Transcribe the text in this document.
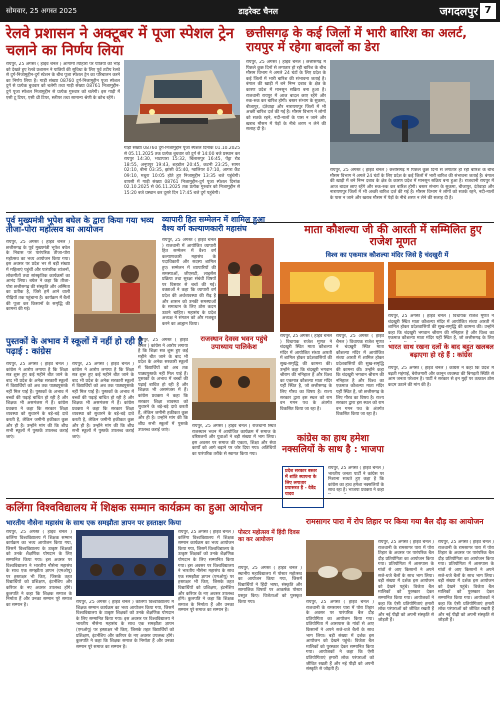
सोमवार, 25 अगस्त 2025	डाइरेक्ट चैनल	जगदलपुर 7
रेलवे प्रशासन ने अक्टूबर में पूजा स्पेशल ट्रेन चलाने का निर्णय लिया
रायपुर, 25 अगस्त ( हाईवे चैनल ) आगामी त्योहारों पर यात्रियों की भीड़ को देखते हुए रेलवे प्रशासन ने यात्रियों की सुविधा के लिए पूर्व तटीय रेलवे से दुर्ग-निजामुद्दीन-दुर्ग स्टेशन के बीच पूजा स्पेशल ट्रेन का परिचालन करने का निर्णय लिया है। गाड़ी संख्या 08760 दुर्ग-निजामुद्दीन पूजा स्पेशल दुर्ग से प्रत्येक बुधवार को चलेगी तथा गाड़ी संख्या 08761 निजामुद्दीन-दुर्ग पूजा स्पेशल निजामुद्दीन से प्रत्येक गुरुवार को चलेगी। इस गाड़ी में एसी टू टियर, एसी थ्री टियर, स्लीपर तथा सामान्य श्रेणी के कोच रहेंगे।
गाड़ी संख्या 08760 दुर्ग-निजामुद्दीन पूजा स्पेशल दिनांक 01.10.2025 से 05.11.2025 तक प्रत्येक बुधवार को दुर्ग से 14:00 बजे प्रस्थान कर रायपुर 14:30, भाटापारा 15:32, बिलासपुर 16:45, पेंड्रा रोड 18:55, अनूपपुर 19:43, शहडोल 20:45, कटनी 23:25, सागर 02:10, बीना 03:35, झांसी 05:40, ग्वालियर 07:10, आगरा कैंट 09:10, मथुरा 10:05 होते हुए निजामुद्दीन 13:35 बजे पहुंचेगी। वापसी में गाड़ी संख्या 08761 निजामुद्दीन-दुर्ग पूजा स्पेशल दिनांक 02.10.2025 से 06.11.2025 तक प्रत्येक गुरुवार को निजामुद्दीन से 15:20 बजे प्रस्थान कर दूसरे दिन 17:45 बजे दुर्ग पहुंचेगी।
छत्तीसगढ़ के कई जिलों में भारी बारिश का अलर्ट, रायपुर में रहेगा बादलों का डेरा
रायपुर, 25 अगस्त ( हाईवे चैनल ) छत्तीसगढ़ में पिछले कुछ दिनों से लगातार हो रही बारिश के बीच मौसम विभाग ने अगले 24 घंटों के लिए प्रदेश के कई जिलों में भारी बारिश की संभावना जताई है। बंगाल की खाड़ी में बने निम्न दबाव के क्षेत्र के कारण प्रदेश में मानसून सक्रिय बना हुआ है। राजधानी रायपुर में आज बादल छाए रहेंगे और रुक-रुक कर बारिश होगी। बस्तर संभाग के सुकमा, बीजापुर, दंतेवाड़ा और नारायणपुर जिलों में भी अच्छी बारिश दर्ज की गई है। मौसम विभाग ने लोगों को सतर्क रहने, नदी-नालों के पास न जाने और खराब मौसम में पेड़ों के नीचे शरण न लेने की सलाह दी है।
रायपुर, 25 अगस्त ( हाईवे चैनल ) छत्तीसगढ़ में पिछले कुछ दिनों से लगातार हो रही बारिश के बीच मौसम विभाग ने अगले 24 घंटों के लिए प्रदेश के कई जिलों में भारी बारिश की संभावना जताई है। बंगाल की खाड़ी में बने निम्न दबाव के क्षेत्र के कारण प्रदेश में मानसून सक्रिय बना हुआ है। राजधानी रायपुर में आज बादल छाए रहेंगे और रुक-रुक कर बारिश होगी। बस्तर संभाग के सुकमा, बीजापुर, दंतेवाड़ा और नारायणपुर जिलों में भी अच्छी बारिश दर्ज की गई है। मौसम विभाग ने लोगों को सतर्क रहने, नदी-नालों के पास न जाने और खराब मौसम में पेड़ों के नीचे शरण न लेने की सलाह दी है।
पूर्व मुख्यमंत्री भूपेश बघेल के द्वारा किया गया भव्य तीजा-पोरा महोत्सव का आयोजन
रायपुर, 25 अगस्त ( हाईवे चैनल ) छत्तीसगढ़ के पूर्व मुख्यमंत्री भूपेश बघेल के निवास पर पारंपरिक तीजा-पोरा महोत्सव का भव्य आयोजन किया गया। इस अवसर पर प्रदेश भर से बड़ी संख्या में महिलाएं पहुंचीं और पारंपरिक व्यंजनों, लोकगीतों तथा सांस्कृतिक कार्यक्रमों का आनंद लिया। बघेल ने कहा कि तीजा-पोरा छत्तीसगढ़ की संस्कृति और अस्मिता का प्रतीक है, जिसे हमें आने वाली पीढ़ियों तक पहुंचाना है। कार्यक्रम में बैलों की पूजा कर किसानों के समृद्धि की कामना की गई।
व्यापारी हित सम्मेलन में शामिल हुआ वैश्य वर्ग कल्याणकारी महासंघ
रायपुर, 25 अगस्त ( हाईवे चैनल ) राजधानी में आयोजित व्यापारी हित सम्मेलन में वैश्य वर्ग कल्याणकारी महासंघ के पदाधिकारी और सदस्य शामिल हुए। सम्मेलन में व्यापारियों की समस्याओं, जीएसटी, लाइसेंस प्रक्रिया तथा सुरक्षा संबंधी विषयों पर विस्तार से चर्चा की गई। वक्ताओं ने कहा कि व्यापारी वर्ग प्रदेश की अर्थव्यवस्था की रीढ़ है और शासन को उनकी समस्याओं के समाधान के लिए ठोस कदम उठाने चाहिए। महासंघ के प्रदेश अध्यक्ष ने संगठन को और मजबूत करने का आह्वान किया।
माता कौशल्या जी की आरती में सम्मिलित हुए राजेश मूणत
विश्व का एकमात्र कौशल्या मंदिर जिसे है चंदखुरी में
रायपुर, 25 अगस्त ( हाईवे चैनल ) विधायक राजेश मूणत ने चंदखुरी स्थित माता कौशल्या मंदिर में आयोजित संध्या आरती में शामिल होकर प्रदेशवासियों की सुख-समृद्धि की कामना की। उन्होंने कहा कि चंदखुरी भगवान श्रीराम की ननिहाल है और विश्व का एकमात्र कौशल्या माता मंदिर यहीं स्थित है, जो छत्तीसगढ़ के लिए गौरव का विषय है। राज्य सरकार द्वारा इस स्थल को राम वन गमन पथ के अंतर्गत विकसित किया जा रहा है।
रायपुर, 25 अगस्त ( हाईवे चैनल ) विधायक राजेश मूणत ने चंदखुरी स्थित माता कौशल्या मंदिर में आयोजित संध्या आरती में शामिल होकर प्रदेशवासियों की सुख-समृद्धि की कामना की। उन्होंने कहा कि चंदखुरी भगवान श्रीराम की ननिहाल है और विश्व का एकमात्र कौशल्या माता मंदिर यहीं स्थित है, जो छत्तीसगढ़ के लिए गौरव का विषय है। राज्य सरकार द्वारा इस स्थल को राम वन गमन पथ के अंतर्गत विकसित किया जा रहा है।
रायपुर, 25 अगस्त ( हाईवे चैनल ) विधायक राजेश मूणत ने चंदखुरी स्थित माता कौशल्या मंदिर में आयोजित संध्या आरती में शामिल होकर प्रदेशवासियों की सुख-समृद्धि की कामना की। उन्होंने कहा कि चंदखुरी भगवान श्रीराम की ननिहाल है और विश्व का एकमात्र कौशल्या माता मंदिर यहीं स्थित है, जो छत्तीसगढ़ के लिए
भारत साथ रखना दलों के बाद बहुत खलबल बढ़ाएगा हो रहे हैं : कांग्रेस
रायपुर, 25 अगस्त ( हाईवे चैनल ) कांग्रेस ने कहा कि प्रदेश में बढ़ती महंगाई, बेरोजगारी और कानून व्यवस्था की बिगड़ती स्थिति से आम जनता परेशान है। पार्टी ने सरकार से इन मुद्दों पर तत्काल ठोस कदम उठाने की मांग की है।
पुस्तकों के अभाव में स्कूलों में नहीं हो रही है पढ़ाई : कांग्रेस
रायपुर, 25 अगस्त ( हाईवे चैनल ) कांग्रेस ने आरोप लगाया है कि शिक्षा सत्र शुरू हुए कई महीने बीत जाने के बाद भी प्रदेश के अनेक सरकारी स्कूलों में विद्यार्थियों को अब तक पाठ्यपुस्तकें नहीं मिल पाई हैं। पुस्तकों के अभाव में बच्चों की पढ़ाई बाधित हो रही है और शिक्षक भी असमंजस में हैं। कांग्रेस प्रवक्ता ने कहा कि सरकार शिक्षा व्यवस्था को सुधारने के बड़े-बड़े दावे करती है, लेकिन जमीनी हकीकत कुछ और ही है। उन्होंने मांग की कि शीघ्र सभी स्कूलों में पुस्तकें उपलब्ध कराई जाएं।
रायपुर, 25 अगस्त ( हाईवे चैनल ) कांग्रेस ने आरोप लगाया है कि शिक्षा सत्र शुरू हुए कई महीने बीत जाने के बाद भी प्रदेश के अनेक सरकारी स्कूलों में विद्यार्थियों को अब तक पाठ्यपुस्तकें नहीं मिल पाई हैं। पुस्तकों के अभाव में बच्चों की पढ़ाई बाधित हो रही है और शिक्षक भी असमंजस में हैं। कांग्रेस प्रवक्ता ने कहा कि सरकार शिक्षा व्यवस्था को सुधारने के बड़े-बड़े दावे करती है, लेकिन जमीनी हकीकत कुछ और ही है। उन्होंने मांग की कि शीघ्र सभी स्कूलों में पुस्तकें उपलब्ध कराई जाएं।
रायपुर, 25 अगस्त ( हाईवे चैनल ) कांग्रेस ने आरोप लगाया है कि शिक्षा सत्र शुरू हुए कई महीने बीत जाने के बाद भी प्रदेश के अनेक सरकारी स्कूलों में विद्यार्थियों को अब तक पाठ्यपुस्तकें नहीं मिल पाई हैं। पुस्तकों के अभाव में बच्चों की पढ़ाई बाधित हो रही है और शिक्षक भी असमंजस में हैं। कांग्रेस प्रवक्ता ने कहा कि सरकार शिक्षा व्यवस्था को सुधारने के बड़े-बड़े दावे करती है, लेकिन जमीनी हकीकत कुछ और ही है। उन्होंने मांग की कि शीघ्र सभी स्कूलों में पुस्तकें उपलब्ध कराई जाएं।
राजस्थान देवस्व भवन पहुंचे उपाध्याय पालिकेश
रायपुर, 25 अगस्त ( हाईवे चैनल ) राजधानी स्थित राजस्थान भवन में आयोजित कार्यक्रम में समाज के वरिष्ठजनों और युवाओं ने बड़ी संख्या में भाग लिया। इस अवसर पर समाज की एकता, शिक्षा और सेवा कार्यों को आगे बढ़ाने पर जोर दिया गया। अतिथियों का पारंपरिक तरीके से स्वागत किया गया।
कांग्रेस का हाथ हमेशा नक्सलियों के साथ है : भाजपा
प्रदेश सरकार बस्तर में शांति स्थापना के लिए लगातार प्रयासरत है - देवेंद्र यादव
रायपुर, 25 अगस्त ( हाईवे चैनल ) भारतीय जनता पार्टी ने कांग्रेस पर निशाना साधते हुए कहा है कि कांग्रेस का हाथ हमेशा नक्सलियों के साथ रहा है। भाजपा प्रवक्ता ने कहा
कलिंगा विश्वविद्यालय में शिक्षक सम्मान कार्यक्रम का हुआ आयोजन
भारतीय नौसेना महासंघ के साथ एक समझौता ज्ञापन पर हस्ताक्षर किया
रायपुर, 25 अगस्त ( हाईवे चैनल ) कलिंगा विश्वविद्यालय में शिक्षक सम्मान कार्यक्रम का भव्य आयोजन किया गया, जिसमें विश्वविद्यालय के उत्कृष्ट शिक्षकों को उनके शैक्षणिक योगदान के लिए सम्मानित किया गया। इस अवसर पर विश्वविद्यालय ने भारतीय नौसेना महासंघ के साथ एक समझौता ज्ञापन (एमओयू) पर हस्ताक्षर भी किए, जिसके तहत विद्यार्थियों को प्रशिक्षण, इंटर्नशिप और करियर के नए अवसर उपलब्ध होंगे। कुलपति ने कहा कि शिक्षक समाज के निर्माता हैं और उनका सम्मान पूरे समाज का सम्मान है।
रायपुर, 25 अगस्त ( हाईवे चैनल ) कलिंगा विश्वविद्यालय में शिक्षक सम्मान कार्यक्रम का भव्य आयोजन किया गया, जिसमें विश्वविद्यालय के उत्कृष्ट शिक्षकों को उनके शैक्षणिक योगदान के लिए सम्मानित किया गया। इस अवसर पर विश्वविद्यालय ने भारतीय नौसेना महासंघ के साथ एक समझौता ज्ञापन (एमओयू) पर हस्ताक्षर भी किए, जिसके तहत विद्यार्थियों को प्रशिक्षण, इंटर्नशिप और करियर के नए अवसर उपलब्ध होंगे। कुलपति ने कहा कि शिक्षक समाज के निर्माता हैं और उनका सम्मान पूरे समाज का सम्मान है।
रायपुर, 25 अगस्त ( हाईवे चैनल ) कलिंगा विश्वविद्यालय में शिक्षक सम्मान कार्यक्रम का भव्य आयोजन किया गया, जिसमें विश्वविद्यालय के उत्कृष्ट शिक्षकों को उनके शैक्षणिक योगदान के लिए सम्मानित किया गया। इस अवसर पर विश्वविद्यालय ने भारतीय नौसेना महासंघ के साथ एक समझौता ज्ञापन (एमओयू) पर हस्ताक्षर भी किए, जिसके तहत विद्यार्थियों को प्रशिक्षण, इंटर्नशिप और करियर के नए अवसर उपलब्ध होंगे। कुलपति ने कहा कि शिक्षक समाज के निर्माता हैं और उनका सम्मान पूरे समाज का सम्मान है।
पोस्टर महोत्सव में हिंदी दिवस का कर आयोजन
रायपुर, 25 अगस्त ( हाईवे चैनल ) स्थानीय महाविद्यालय में पोस्टर महोत्सव का आयोजन किया गया, जिसमें विद्यार्थियों ने हिंदी भाषा, संस्कृति और सामाजिक विषयों पर आकर्षक पोस्टर प्रस्तुत किए। विजेताओं को पुरस्कृत किया गया।
रामसागर पारा में रोप तिहार पर किया गया बैल दौड़ का आयोजन
रायपुर, 25 अगस्त ( हाईवे चैनल ) राजधानी के रामसागर पारा में पोरा तिहार के अवसर पर पारंपरिक बैल दौड़ प्रतियोगिता का आयोजन किया गया। प्रतियोगिता में आसपास के गांवों से आए किसानों ने अपने सजे-धजे बैलों के साथ भाग लिया। बड़ी संख्या में दर्शक इस आयोजन को देखने पहुंचे। विजेता बैल मालिकों को पुरस्कार देकर सम्मानित किया गया। आयोजकों ने कहा कि ऐसी प्रतियोगिताएं हमारी लोक परंपराओं को जीवित रखती हैं और नई पीढ़ी को अपनी संस्कृति से जोड़ती हैं।
रायपुर, 25 अगस्त ( हाईवे चैनल ) राजधानी के रामसागर पारा में पोरा तिहार के अवसर पर पारंपरिक बैल दौड़ प्रतियोगिता का आयोजन किया गया। प्रतियोगिता में आसपास के गांवों से आए किसानों ने अपने सजे-धजे बैलों के साथ भाग लिया। बड़ी संख्या में दर्शक इस आयोजन को देखने पहुंचे। विजेता बैल मालिकों को पुरस्कार देकर सम्मानित किया गया। आयोजकों ने कहा कि ऐसी प्रतियोगिताएं हमारी लोक परंपराओं को जीवित रखती हैं और नई पीढ़ी को अपनी संस्कृति से जोड़ती हैं।
रायपुर, 25 अगस्त ( हाईवे चैनल ) राजधानी के रामसागर पारा में पोरा तिहार के अवसर पर पारंपरिक बैल दौड़ प्रतियोगिता का आयोजन किया गया। प्रतियोगिता में आसपास के गांवों से आए किसानों ने अपने सजे-धजे बैलों के साथ भाग लिया। बड़ी संख्या में दर्शक इस आयोजन को देखने पहुंचे। विजेता बैल मालिकों को पुरस्कार देकर सम्मानित किया गया। आयोजकों ने कहा कि ऐसी प्रतियोगिताएं हमारी लोक परंपराओं को जीवित रखती हैं और नई पीढ़ी को अपनी संस्कृति से जोड़ती हैं।
